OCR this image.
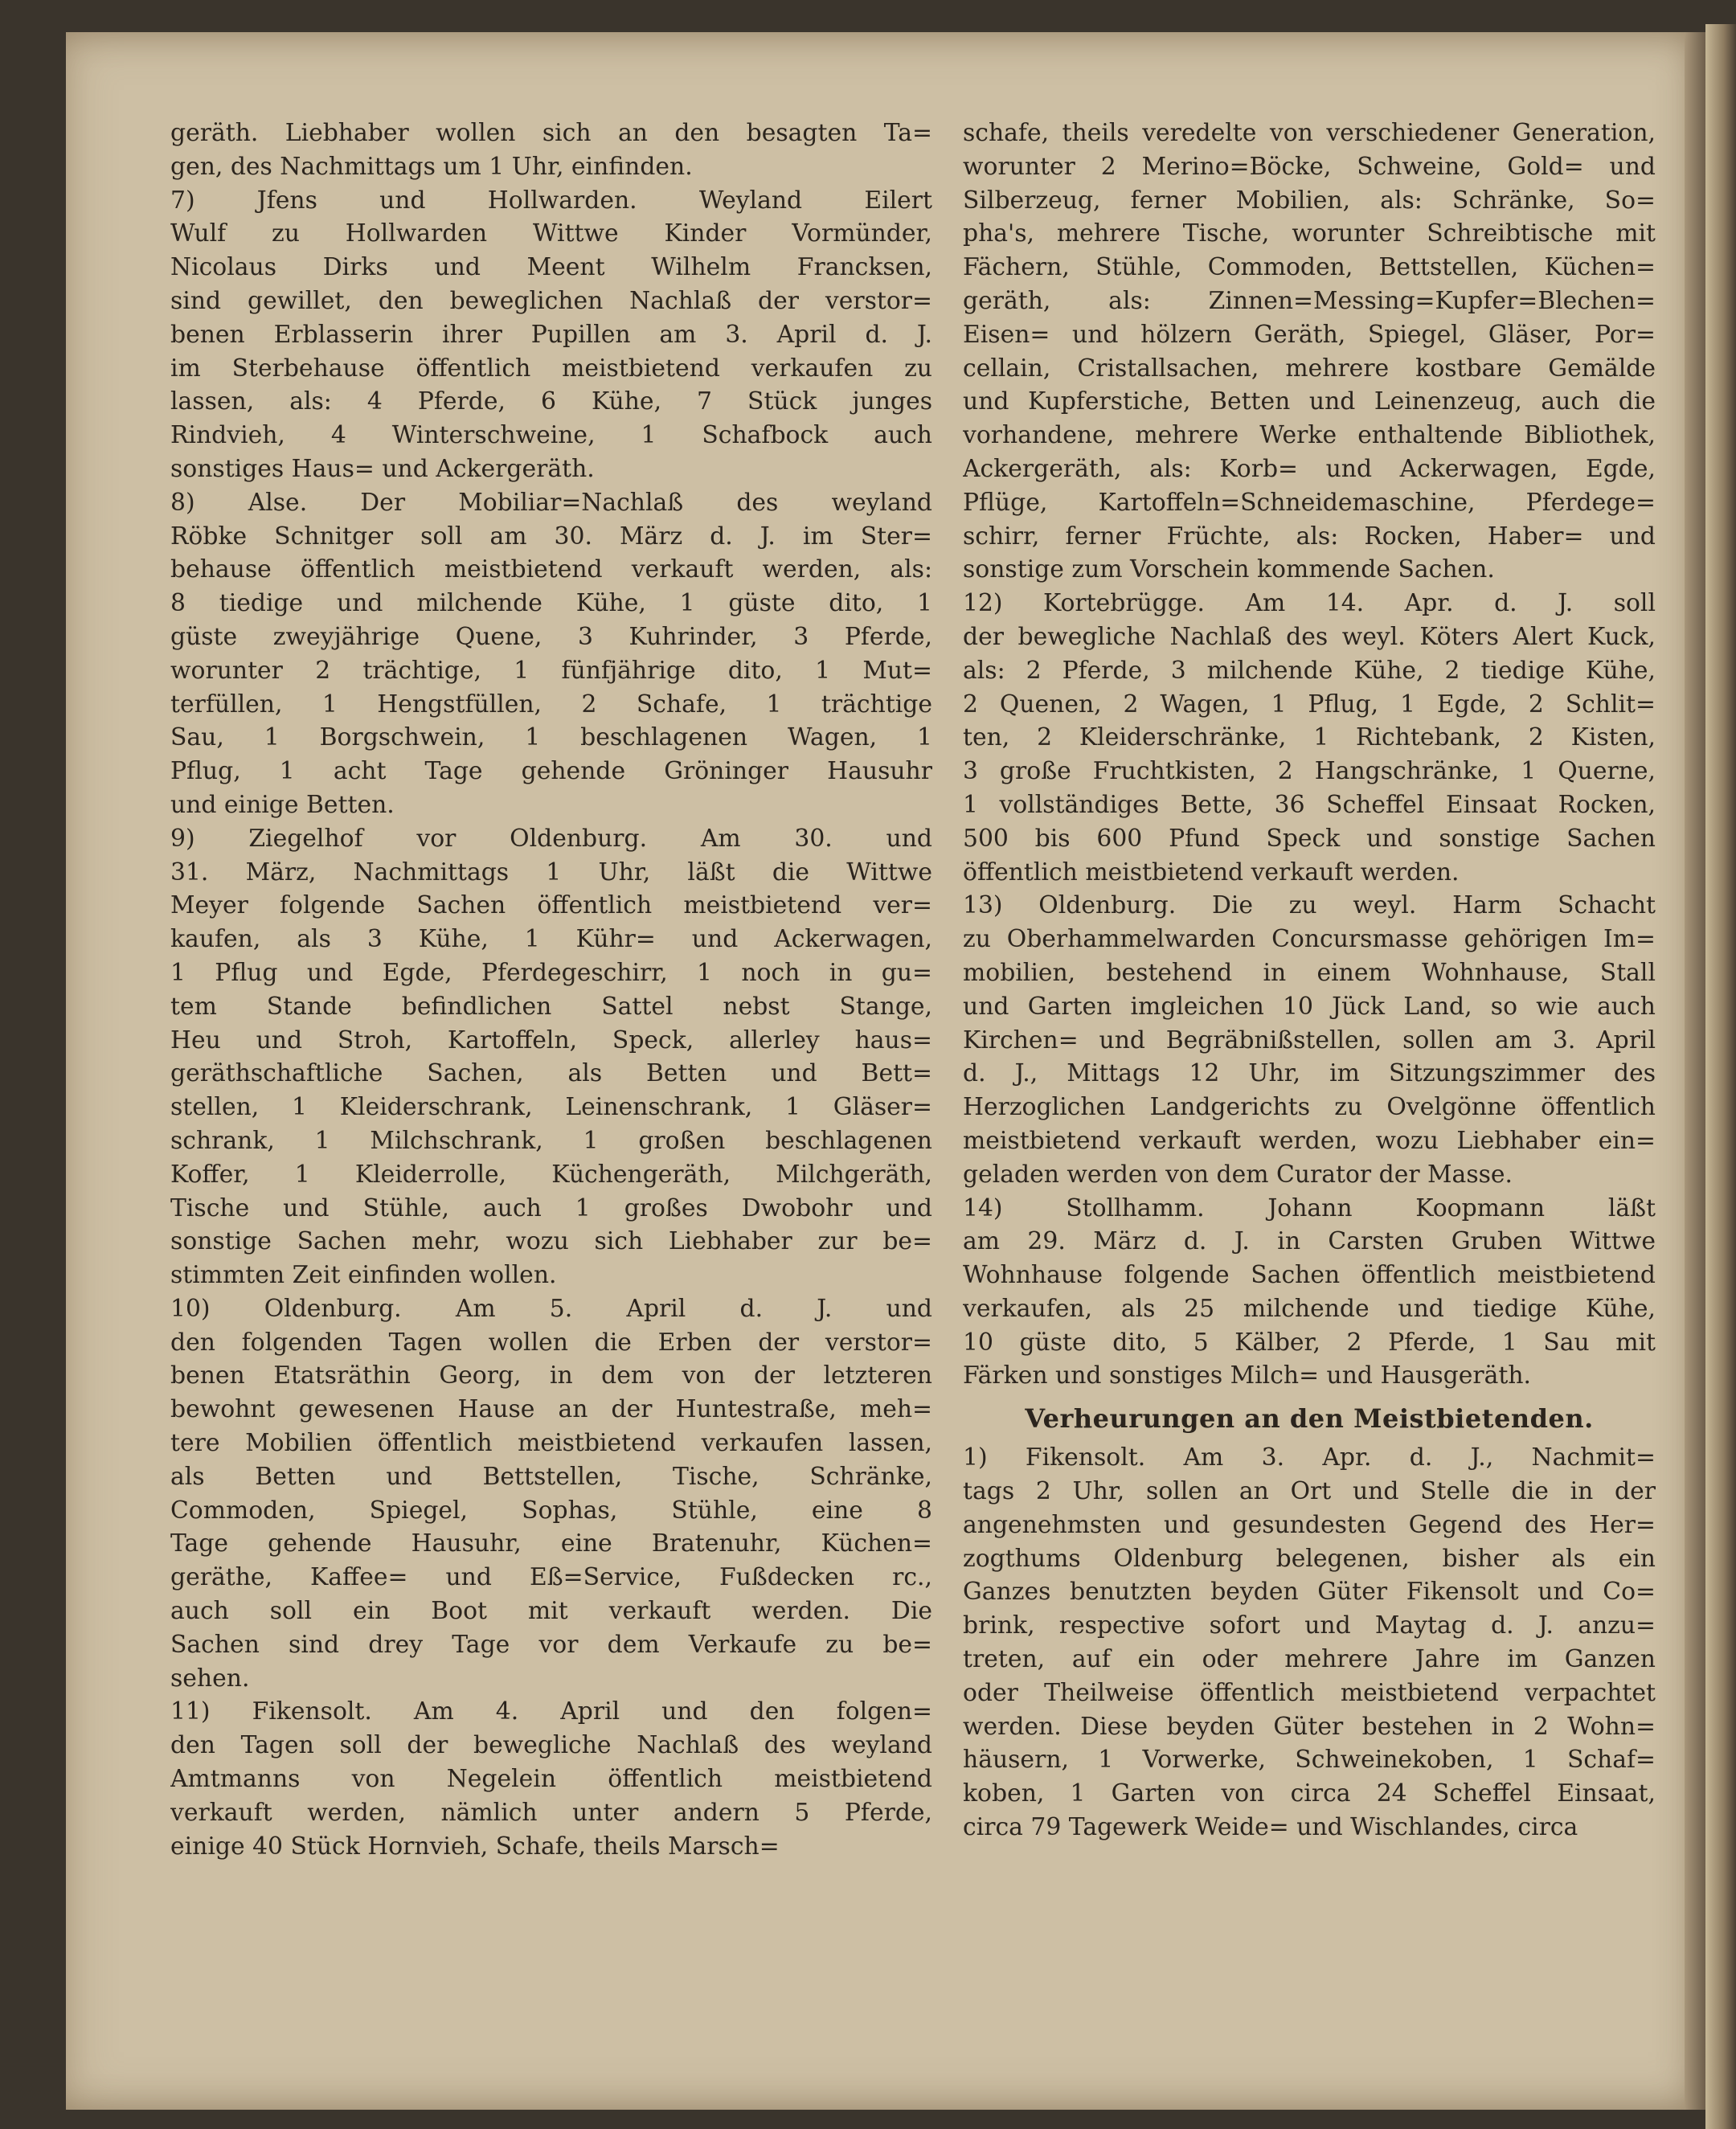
geräth. Liebhaber wollen sich an den besagten Ta=
gen, des Nachmittags um 1 Uhr, einfinden.
7) Jfens und Hollwarden. Weyland Eilert
Wulf zu Hollwarden Wittwe Kinder Vormünder,
Nicolaus Dirks und Meent Wilhelm Francksen,
sind gewillet, den beweglichen Nachlaß der verstor=
benen Erblasserin ihrer Pupillen am 3. April d. J.
im Sterbehause öffentlich meistbietend verkaufen zu
lassen, als: 4 Pferde, 6 Kühe, 7 Stück junges
Rindvieh, 4 Winterschweine, 1 Schafbock auch
sonstiges Haus= und Ackergeräth.
8) Alse. Der Mobiliar=Nachlaß des weyland
Röbke Schnitger soll am 30. März d. J. im Ster=
behause öffentlich meistbietend verkauft werden, als:
8 tiedige und milchende Kühe, 1 güste dito, 1
güste zweyjährige Quene, 3 Kuhrinder, 3 Pferde,
worunter 2 trächtige, 1 fünfjährige dito, 1 Mut=
terfüllen, 1 Hengstfüllen, 2 Schafe, 1 trächtige
Sau, 1 Borgschwein, 1 beschlagenen Wagen, 1
Pflug, 1 acht Tage gehende Gröninger Hausuhr
und einige Betten.
9) Ziegelhof vor Oldenburg. Am 30. und
31. März, Nachmittags 1 Uhr, läßt die Wittwe
Meyer folgende Sachen öffentlich meistbietend ver=
kaufen, als 3 Kühe, 1 Kühr= und Ackerwagen,
1 Pflug und Egde, Pferdegeschirr, 1 noch in gu=
tem Stande befindlichen Sattel nebst Stange,
Heu und Stroh, Kartoffeln, Speck, allerley haus=
geräthschaftliche Sachen, als Betten und Bett=
stellen, 1 Kleiderschrank, Leinenschrank, 1 Gläser=
schrank, 1 Milchschrank, 1 großen beschlagenen
Koffer, 1 Kleiderrolle, Küchengeräth, Milchgeräth,
Tische und Stühle, auch 1 großes Dwobohr und
sonstige Sachen mehr, wozu sich Liebhaber zur be=
stimmten Zeit einfinden wollen.
10) Oldenburg. Am 5. April d. J. und
den folgenden Tagen wollen die Erben der verstor=
benen Etatsräthin Georg, in dem von der letzteren
bewohnt gewesenen Hause an der Huntestraße, meh=
tere Mobilien öffentlich meistbietend verkaufen lassen,
als Betten und Bettstellen, Tische, Schränke,
Commoden, Spiegel, Sophas, Stühle, eine 8
Tage gehende Hausuhr, eine Bratenuhr, Küchen=
geräthe, Kaffee= und Eß=Service, Fußdecken rc.,
auch soll ein Boot mit verkauft werden. Die
Sachen sind drey Tage vor dem Verkaufe zu be=
sehen.
11) Fikensolt. Am 4. April und den folgen=
den Tagen soll der bewegliche Nachlaß des weyland
Amtmanns von Negelein öffentlich meistbietend
verkauft werden, nämlich unter andern 5 Pferde,
einige 40 Stück Hornvieh, Schafe, theils Marsch=
schafe, theils veredelte von verschiedener Generation,
worunter 2 Merino=Böcke, Schweine, Gold= und
Silberzeug, ferner Mobilien, als: Schränke, So=
pha's, mehrere Tische, worunter Schreibtische mit
Fächern, Stühle, Commoden, Bettstellen, Küchen=
geräth, als: Zinnen=Messing=Kupfer=Blechen=
Eisen= und hölzern Geräth, Spiegel, Gläser, Por=
cellain, Cristallsachen, mehrere kostbare Gemälde
und Kupferstiche, Betten und Leinenzeug, auch die
vorhandene, mehrere Werke enthaltende Bibliothek,
Ackergeräth, als: Korb= und Ackerwagen, Egde,
Pflüge, Kartoffeln=Schneidemaschine, Pferdege=
schirr, ferner Früchte, als: Rocken, Haber= und
sonstige zum Vorschein kommende Sachen.
12) Kortebrügge. Am 14. Apr. d. J. soll
der bewegliche Nachlaß des weyl. Köters Alert Kuck,
als: 2 Pferde, 3 milchende Kühe, 2 tiedige Kühe,
2 Quenen, 2 Wagen, 1 Pflug, 1 Egde, 2 Schlit=
ten, 2 Kleiderschränke, 1 Richtebank, 2 Kisten,
3 große Fruchtkisten, 2 Hangschränke, 1 Querne,
1 vollständiges Bette, 36 Scheffel Einsaat Rocken,
500 bis 600 Pfund Speck und sonstige Sachen
öffentlich meistbietend verkauft werden.
13) Oldenburg. Die zu weyl. Harm Schacht
zu Oberhammelwarden Concursmasse gehörigen Im=
mobilien, bestehend in einem Wohnhause, Stall
und Garten imgleichen 10 Jück Land, so wie auch
Kirchen= und Begräbnißstellen, sollen am 3. April
d. J., Mittags 12 Uhr, im Sitzungszimmer des
Herzoglichen Landgerichts zu Ovelgönne öffentlich
meistbietend verkauft werden, wozu Liebhaber ein=
geladen werden von dem Curator der Masse.
14) Stollhamm. Johann Koopmann läßt
am 29. März d. J. in Carsten Gruben Wittwe
Wohnhause folgende Sachen öffentlich meistbietend
verkaufen, als 25 milchende und tiedige Kühe,
10 güste dito, 5 Kälber, 2 Pferde, 1 Sau mit
Färken und sonstiges Milch= und Hausgeräth.
Verheurungen an den Meistbietenden.
1) Fikensolt. Am 3. Apr. d. J., Nachmit=
tags 2 Uhr, sollen an Ort und Stelle die in der
angenehmsten und gesundesten Gegend des Her=
zogthums Oldenburg belegenen, bisher als ein
Ganzes benutzten beyden Güter Fikensolt und Co=
brink, respective sofort und Maytag d. J. anzu=
treten, auf ein oder mehrere Jahre im Ganzen
oder Theilweise öffentlich meistbietend verpachtet
werden. Diese beyden Güter bestehen in 2 Wohn=
häusern, 1 Vorwerke, Schweinekoben, 1 Schaf=
koben, 1 Garten von circa 24 Scheffel Einsaat,
circa 79 Tagewerk Weide= und Wischlandes, circa
